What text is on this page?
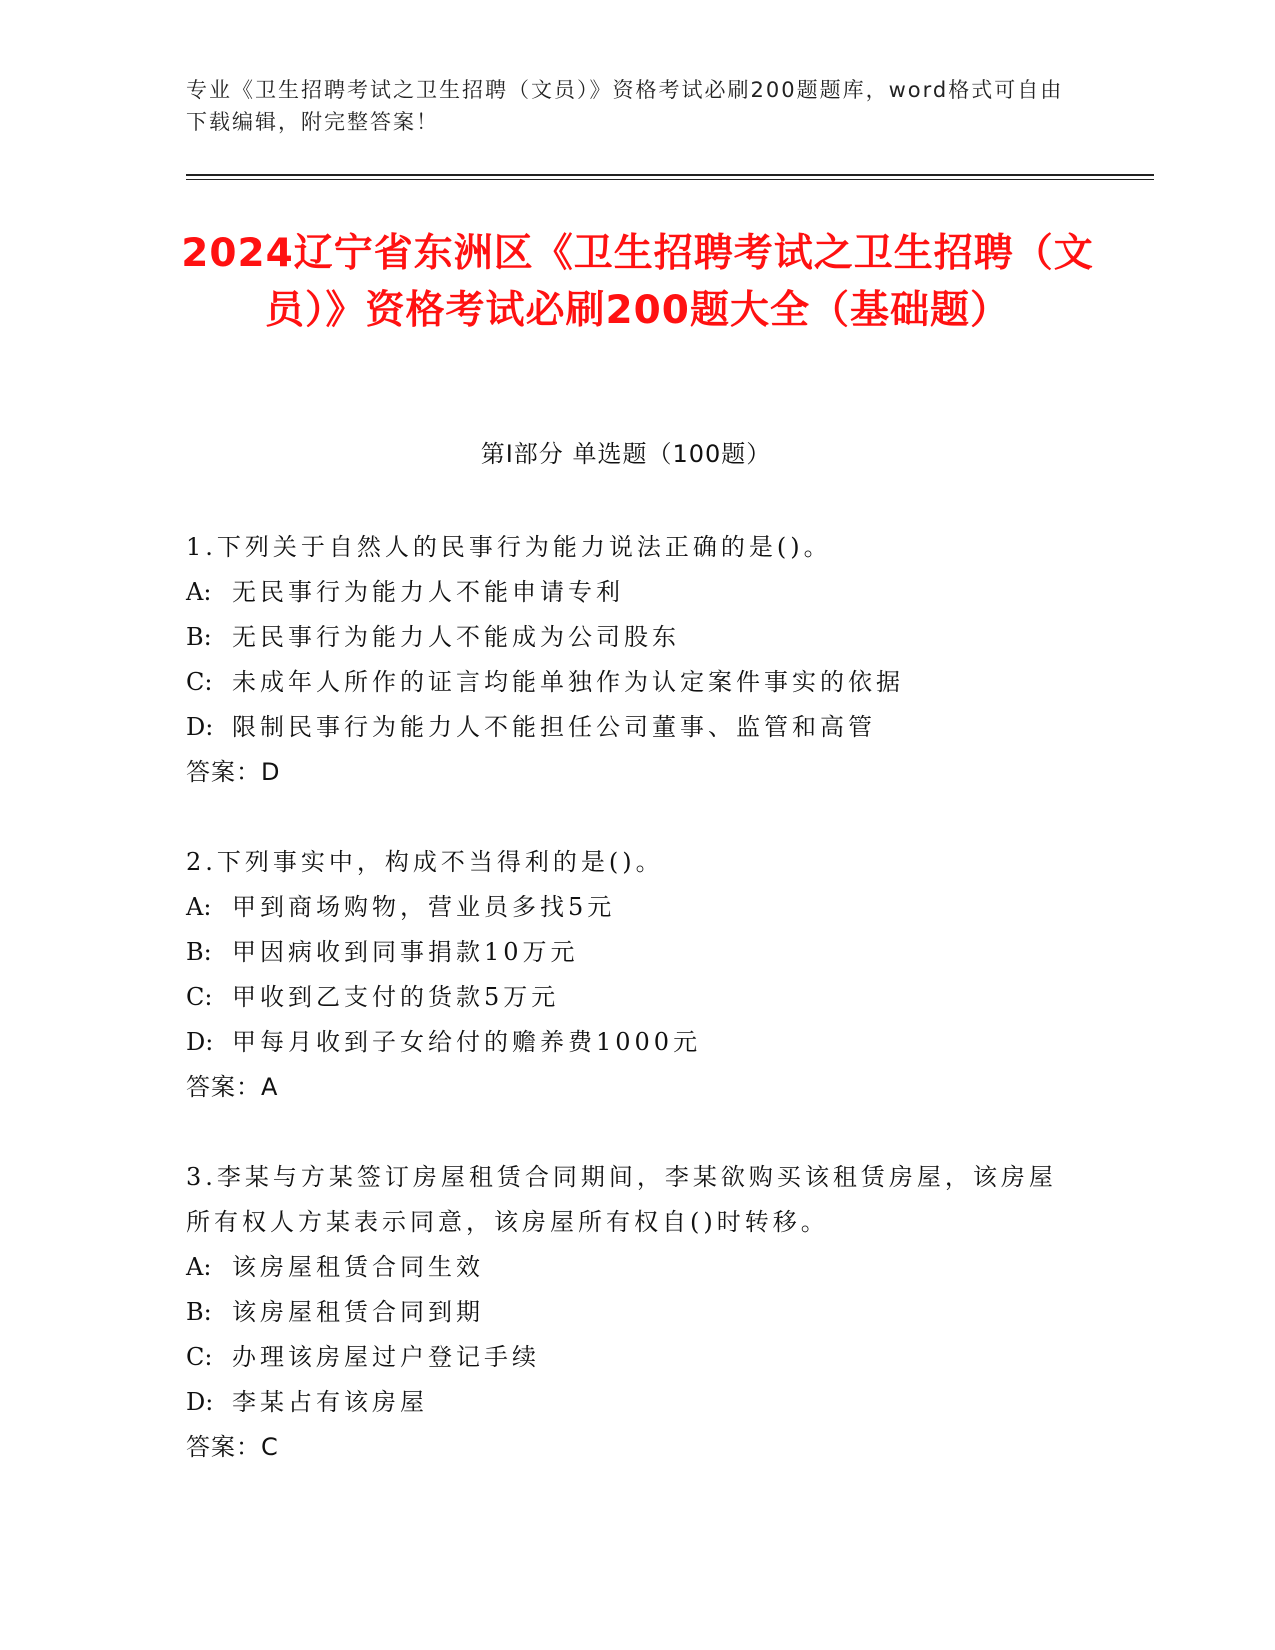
专业《卫生招聘考试之卫生招聘（文员）》资格考试必刷200题题库，word格式可自由下载编辑，附完整答案！
2024辽宁省东洲区《卫生招聘考试之卫生招聘（文员）》资格考试必刷200题大全（基础题）
第I部分 单选题（100题）
1.下列关于自然人的民事行为能力说法正确的是()。
A: 无民事行为能力人不能申请专利
B: 无民事行为能力人不能成为公司股东
C: 未成年人所作的证言均能单独作为认定案件事实的依据
D: 限制民事行为能力人不能担任公司董事、监管和高管
答案：D
2.下列事实中，构成不当得利的是()。
A: 甲到商场购物，营业员多找5元
B: 甲因病收到同事捐款10万元
C: 甲收到乙支付的货款5万元
D: 甲每月收到子女给付的赡养费1000元
答案：A
3.李某与方某签订房屋租赁合同期间，李某欲购买该租赁房屋，该房屋所有权人方某表示同意，该房屋所有权自()时转移。
A: 该房屋租赁合同生效
B: 该房屋租赁合同到期
C: 办理该房屋过户登记手续
D: 李某占有该房屋
答案：C
